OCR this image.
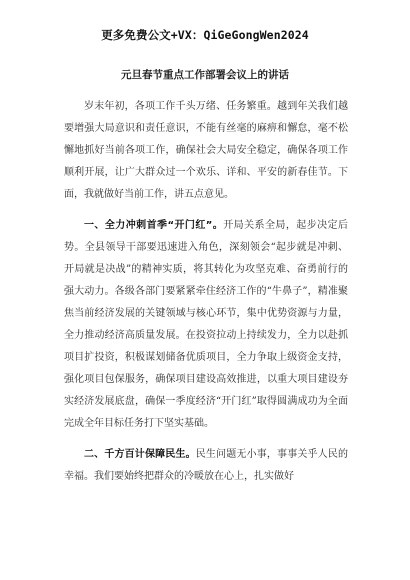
更多免费公文+VX：QiGeGongWen2024
元旦春节重点工作部署会议上的讲话

岁末年初，各项工作千头万绪、任务繁重。越到年关我们越要增强大局意识和责任意识，不能有丝毫的麻痹和懈怠，毫不松懈地抓好当前各项工作，确保社会大局安全稳定，确保各项工作顺利开展，让广大群众过一个欢乐、详和、平安的新春佳节。下面，我就做好当前工作，讲五点意见。

一、全力冲刺首季“开门红”。开局关系全局，起步决定后势。全县领导干部要迅速进入角色，深刻领会“起步就是冲刺、开局就是决战”的精神实质，将其转化为攻坚克难、奋勇前行的强大动力。各级各部门要紧紧牵住经济工作的“牛鼻子”，精准聚焦当前经济发展的关键领域与核心环节，集中优势资源与力量，全力推动经济高质量发展。在投资拉动上持续发力，全力以赴抓项目扩投资，积极谋划储备优质项目，全力争取上级资金支持，强化项目包保服务，确保项目建设高效推进，以重大项目建设夯实经济发展底盘，确保一季度经济“开门红”取得圆满成功为全面完成全年目标任务打下坚实基础。

二、千方百计保障民生。民生问题无小事，事事关乎人民的幸福。我们要始终把群众的冷暖放在心上，扎实做好
